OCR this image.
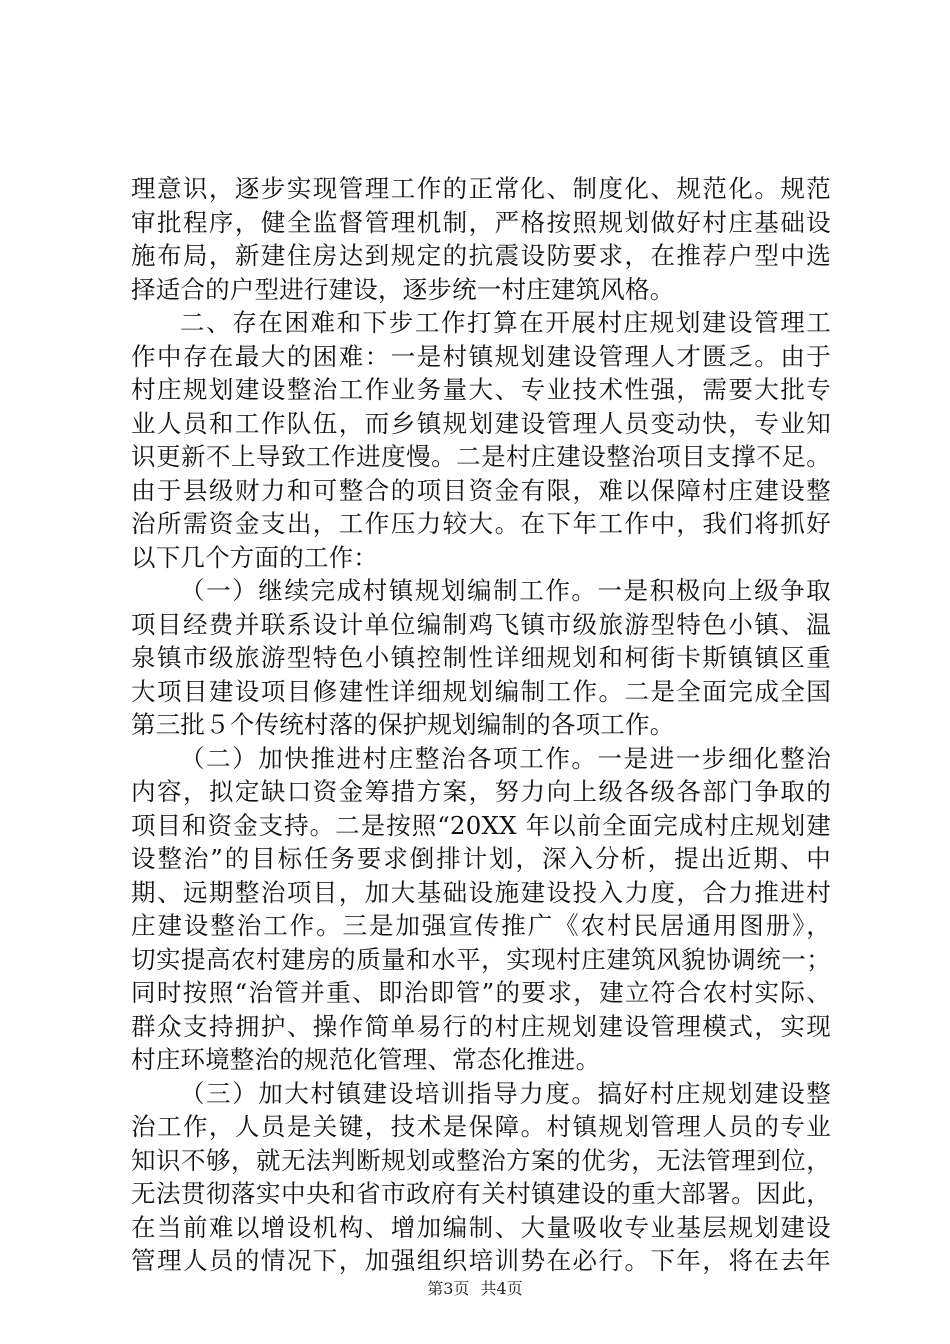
理意识，逐步实现管理工作的正常化、制度化、规范化。规范
审批程序，健全监督管理机制，严格按照规划做好村庄基础设
施布局，新建住房达到规定的抗震设防要求，在推荐户型中选
择适合的户型进行建设，逐步统一村庄建筑风格。
二、存在困难和下步工作打算在开展村庄规划建设管理工
作中存在最大的困难：一是村镇规划建设管理人才匮乏。由于
村庄规划建设整治工作业务量大、专业技术性强，需要大批专
业人员和工作队伍，而乡镇规划建设管理人员变动快，专业知
识更新不上导致工作进度慢。二是村庄建设整治项目支撑不足。
由于县级财力和可整合的项目资金有限，难以保障村庄建设整
治所需资金支出，工作压力较大。在下年工作中，我们将抓好
以下几个方面的工作：
（一）继续完成村镇规划编制工作。一是积极向上级争取
项目经费并联系设计单位编制鸡飞镇市级旅游型特色小镇、温
泉镇市级旅游型特色小镇控制性详细规划和柯街卡斯镇镇区重
大项目建设项目修建性详细规划编制工作。二是全面完成全国
第三批５个传统村落的保护规划编制的各项工作。
（二）加快推进村庄整治各项工作。一是进一步细化整治
内容，拟定缺口资金筹措方案，努力向上级各级各部门争取的
项目和资金支持。二是按照“20XX 年以前全面完成村庄规划建
设整治”的目标任务要求倒排计划，深入分析，提出近期、中
期、远期整治项目，加大基础设施建设投入力度，合力推进村
庄建设整治工作。三是加强宣传推广《农村民居通用图册》，
切实提高农村建房的质量和水平，实现村庄建筑风貌协调统一；
同时按照“治管并重、即治即管”的要求，建立符合农村实际、
群众支持拥护、操作简单易行的村庄规划建设管理模式，实现
村庄环境整治的规范化管理、常态化推进。
（三）加大村镇建设培训指导力度。搞好村庄规划建设整
治工作，人员是关键，技术是保障。村镇规划管理人员的专业
知识不够，就无法判断规划或整治方案的优劣，无法管理到位，
无法贯彻落实中央和省市政府有关村镇建设的重大部署。因此，
在当前难以增设机构、增加编制、大量吸收专业基层规划建设
管理人员的情况下，加强组织培训势在必行。下年，将在去年
第3页 共4页
